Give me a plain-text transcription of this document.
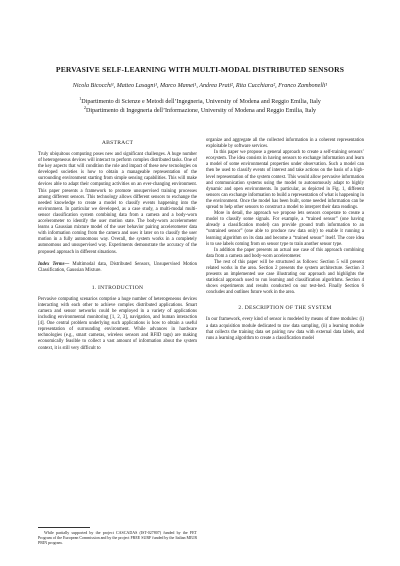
PERVASIVE SELF-LEARNING WITH MULTI-MODAL DISTRIBUTED SENSORS
Nicola Bicocchi¹, Matteo Lasagni¹, Marco Mamei¹, Andrea Prati², Rita Cucchiara², Franco Zambonelli¹
$^1$Dipartimento di Scienze e Metodi dell’Ingegneria, University of Modena and Reggio Emilia, Italy
$^2$Dipartimento di Ingegneria dell’Informazione, University of Modena and Reggio Emilia, Italy
ABSTRACT

Truly ubiquitous computing poses new and significant challenges. A huge number of heterogeneous devices will interact to perform complex distributed tasks. One of the key aspects that will condition the role and impact of these new tecnologies on developed societies is how to obtain a manageable representation of the surrounding environment starting from simple sensing capabilities. This will make devices able to adapt their computing activities on an ever-changing environment. This paper presents a framework to promote unsupervised training processes among different sensors. This technology allows different sensors to exchange the needed knowledge to create a model to classify events happening into the environment. In particular we developed, as a case study, a multi-modal multi-sensor classification system combining data from a camera and a body-worn accelerometer to identify the user motion state. The body-worn accelerometer learns a Gaussian mixture model of the user behavior pairing accelerometer data with information coming from the camera and uses it later on to classify the user motion in a fully autonomous way. Overall, the system works in a completely autonomous and unsupervised way. Experiments demonstrate the accuracy of the proposed approach in different situations.

Index Terms— Multimodal data, Distributed Sensors, Unsupervised Motion Classification, Gaussian Mixture.

1. INTRODUCTION

Pervasive computing scenarios comprise a huge number of heterogeneous devices interacting with each other to achieve complex distributed applications. Smart camera and sensor networks could be employed in a variety of applications including environmental monitoring [1, 2, 3], navigation, and human interaction [4]. One central problem underlying such applications is how to obtain a useful representation of surrounding environment. While advances in hardware technologies (e.g., smart cameras, wireless sensors and RFID tags) are making economically feasible to collect a vast amount of information about the system context, it is still very difficult to

organize and aggregate all the collected information in a coherent representation exploitable by software services.

In this paper we propose a general approach to create a self-training sensors’ ecosystem. The idea consists in having sensors to exchange information and learn a model of some environmental properties under observation. Such a model can then be used to classify events of interest and take actions on the basis of a high-level representation of the system context. This would allow pervasive information and communication systems using the model to autonomously adapt to highly dynamic and open environments. In particular, as depicted in Fig. 1, different sensors can exchange information to build a representation of what is happening in the environment. Once the model has been built, some needed information can be spread to help other sensors to construct a model to interpret their data readings.

More in detail, the approach we propose lets sensors cooperate to create a model to classify some signals. For example, a “trained sensor” (one having already a classification model) can provide ground truth information to an “untrained sensor” (one able to produce raw data only) to enable it running a learning algorithm on its data and become a “trained sensor” itself. The core idea is to use labels coming from on sensor type to train another sensor type.

In addition the paper presents an actual use case of this approach combining data from a camera and body-worn accelerometer.

The rest of this paper will be structured as follows: Section 5 will present related works in the area. Section 2 presents the system architecture. Section 3 presents an implemented use case illustrating our approach and highlights the statistical approach used to run learning and classification algorithms. Section 4 shows experiments and results conducted on our test-bed. Finally Section 6 concludes and outlines future work in the area.

2. DESCRIPTION OF THE SYSTEM

In our framework, every kind of sensor is modeled by means of three modules: (i) a data acquisition module dedicated to raw data sampling, (ii) a learning module that collects the training data set pairing raw data with external data labels, and runs a learning algorithm to create a classification model

While partially supported by the project CASCADAS (IST-027807) funded by the FET Program of the European Commission and by the project FREE SURF funded by the Italian MIUR PRIN program.
